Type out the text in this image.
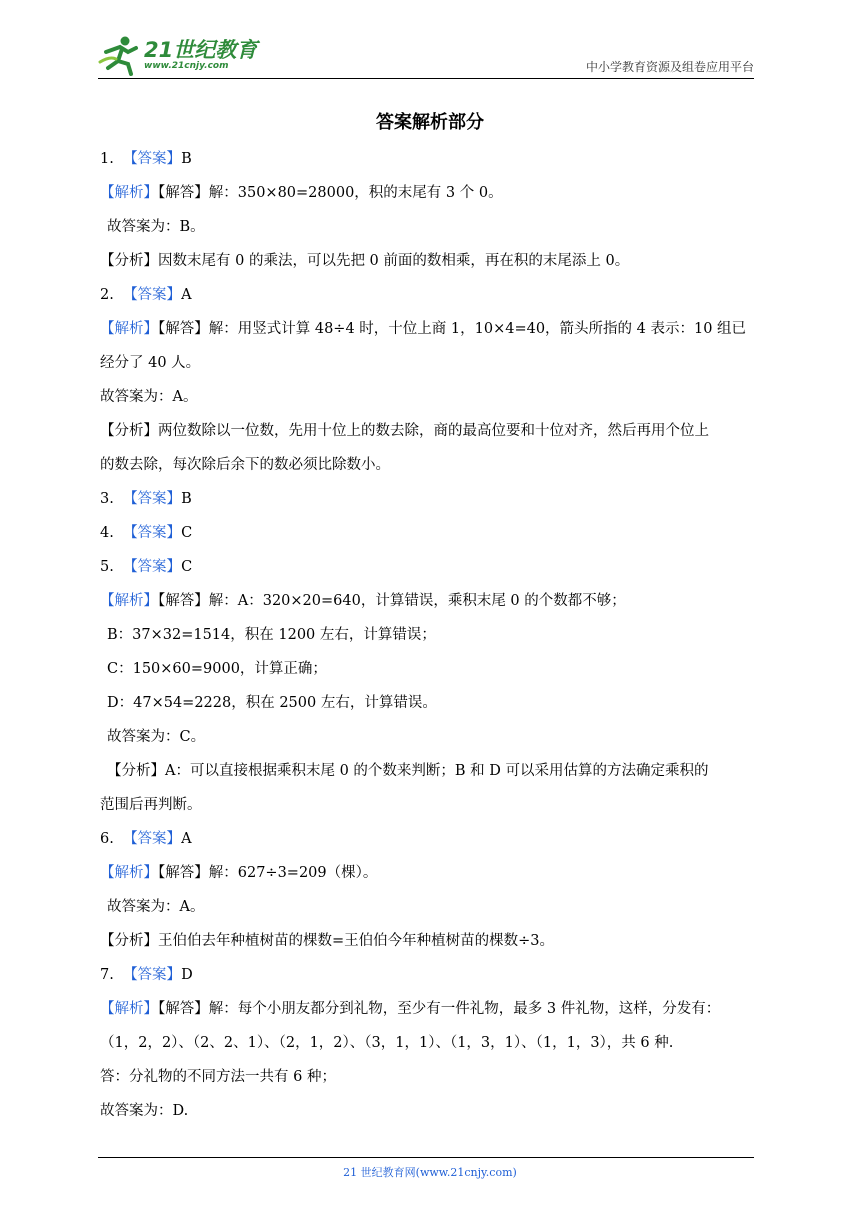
21世纪教育
www.21cnjy.com	中小学教育资源及组卷应用平台
答案解析部分
1. 【答案】B
【解析】【解答】解：350×80=28000，积的末尾有 3 个 0。
故答案为：B。
【分析】因数末尾有 0 的乘法，可以先把 0 前面的数相乘，再在积的末尾添上 0。
2. 【答案】A
【解析】【解答】解：用竖式计算 48÷4 时，十位上商 1，10×4=40，箭头所指的 4 表示：10 组已
经分了 40 人。
故答案为：A。
【分析】两位数除以一位数，先用十位上的数去除，商的最高位要和十位对齐，然后再用个位上
的数去除，每次除后余下的数必须比除数小。
3. 【答案】B
4. 【答案】C
5. 【答案】C
【解析】【解答】解：A：320×20=640，计算错误，乘积末尾 0 的个数都不够；
B：37×32=1514，积在 1200 左右，计算错误；
C：150×60=9000，计算正确；
D：47×54=2228，积在 2500 左右，计算错误。
故答案为：C。
【分析】A：可以直接根据乘积末尾 0 的个数来判断；B 和 D 可以采用估算的方法确定乘积的
范围后再判断。
6. 【答案】A
【解析】【解答】解：627÷3=209（棵）。
故答案为：A。
【分析】王伯伯去年种植树苗的棵数=王伯伯今年种植树苗的棵数÷3。
7. 【答案】D
【解析】【解答】解：每个小朋友都分到礼物，至少有一件礼物，最多 3 件礼物，这样，分发有：
（1，2，2）、（2、2、1）、（2，1，2）、（3，1，1）、（1，3，1）、（1，1，3），共 6 种.
答：分礼物的不同方法一共有 6 种；
故答案为：D.
21 世纪教育网(www.21cnjy.com)
